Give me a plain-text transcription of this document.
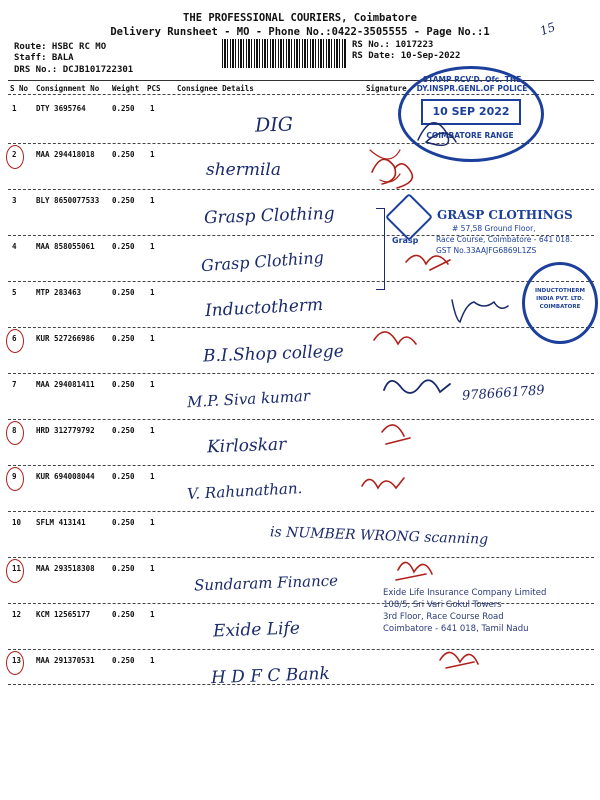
THE PROFESSIONAL COURIERS, Coimbatore
Delivery Runsheet - MO - Phone No.:0422-3505555 - Page No.:1
Route: HSBC RC MO
Staff: BALA
DRS No.: DCJB101722301
RS No.: 1017223
RS Date: 10-Sep-2022
15
S No Consignment No Weight PCS Consignee Details	Signature
1	DTY 3695764	0.250 1
DIG
2	MAA 294418018 0.250 1
shermila
3	BLY 8650077533 0.250 1
Grasp Clothing
4	MAA 858055061 0.250 1
Grasp Clothing
5	MTP 283463	0.250 1
Inductotherm
6	KUR 527266986 0.250 1
B.I.Shop college
7	MAA 294081411 0.250 1
M.P. Siva kumar
8	HRD 312779792 0.250 1
Kirloskar
9	KUR 694008044 0.250 1
V. Rahunathan.
10 SFLM 413141	0.250 1
is NUMBER WRONG scanning
11 MAA 293518308 0.250 1
Sundaram Finance
12 KCM 12565177	0.250 1
Exide Life
13 MAA 291370531 0.250 1
H D F C Bank
STAMP RCV'D. Ofc. THE DY.INSPR.GENL.OF POLICE
10 SEP 2022
COIMBATORE RANGE
Grasp
GRASP CLOTHINGS
# 57,58 Ground Floor,
Race Course, Coimbatore - 641 018.
GST No.33AAJFG6869L1ZS
INDUCTOTHERM INDIA PVT. LTD. COIMBATORE
Exide Life Insurance Company Limited
108/5, Sri Vari Gokul Towers
3rd Floor, Race Course Road
Coimbatore - 641 018, Tamil Nadu
9786661789
